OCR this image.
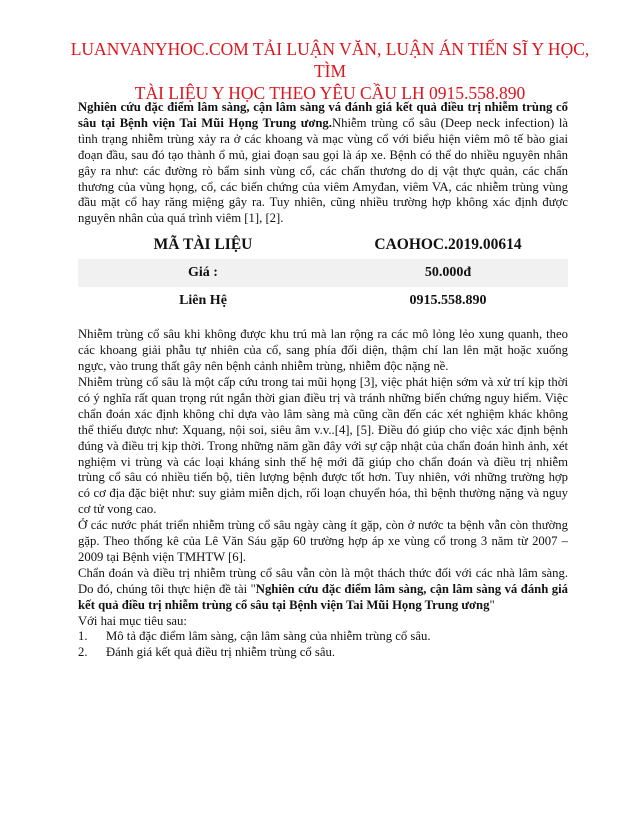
LUANVANYHOC.COM TẢI LUẬN VĂN, LUẬN ÁN TIẾN SĨ Y HỌC, TÌM
TÀI LIỆU Y HỌC THEO YÊU CẦU LH 0915.558.890

Nghiên cứu đặc điểm lâm sàng, cận lâm sàng vá đánh giá kết quả điều trị nhiễm trùng cổ sâu tại Bệnh viện Tai Mũi Họng Trung ương.Nhiễm trùng cổ sâu (Deep neck infection) là tình trạng nhiễm trùng xảy ra ở các khoang và mạc vùng cổ với biểu hiện viêm mô tế bào giai đoạn đầu, sau đó tạo thành ổ mủ, giai đoạn sau gọi là áp xe. Bệnh có thể do nhiều nguyên nhân gây ra như: các đường rò bẩm sinh vùng cổ, các chấn thương do dị vật thực quản, các chấn thương của vùng họng, cổ, các biến chứng của viêm Amyđan, viêm VA, các nhiễm trùng vùng đầu mặt cổ hay răng miệng gây ra. Tuy nhiên, cũng nhiều trường hợp không xác định được nguyên nhân của quá trình viêm [1], [2].

MÃ TÀI LIỆU	CAOHOC.2019.00614
Giá :	50.000đ
Liên Hệ	0915.558.890

Nhiễm trùng cổ sâu khi không được khu trú mà lan rộng ra các mô lỏng lẻo xung quanh, theo các khoang giải phẫu tự nhiên của cổ, sang phía đối diện, thậm chí lan lên mặt hoặc xuống ngực, vào trung thất gây nên bệnh cảnh nhiễm trùng, nhiễm độc nặng nề.

Nhiễm trùng cổ sâu là một cấp cứu trong tai mũi họng [3], việc phát hiện sớm và xử trí kịp thời có ý nghĩa rất quan trọng rút ngắn thời gian điều trị và tránh những biến chứng nguy hiểm. Việc chẩn đoán xác định không chỉ dựa vào lâm sàng mà cũng cần đến các xét nghiệm khác không thể thiếu được như: Xquang, nội soi, siêu âm v.v..[4], [5]. Điều đó giúp cho việc xác định bệnh đúng và điều trị kịp thời. Trong những năm gần đây với sự cập nhật của chẩn đoán hình ảnh, xét nghiệm vi trùng và các loại kháng sinh thế hệ mới đã giúp cho chẩn đoán và điều trị nhiễm trùng cổ sâu có nhiều tiến bộ, tiên lượng bệnh được tốt hơn. Tuy nhiên, với những trường hợp có cơ địa đặc biệt như: suy giảm miễn dịch, rối loạn chuyển hóa, thì bệnh thường nặng và nguy cơ tử vong cao.

Ở các nước phát triển nhiễm trùng cổ sâu ngày càng ít gặp, còn ở nước ta bệnh vẫn còn thường gặp. Theo thống kê của Lê Văn Sáu gặp 60 trường hợp áp xe vùng cổ trong 3 năm từ 2007 – 2009 tại Bệnh viện TMHTW [6].

Chẩn đoán và điều trị nhiễm trùng cổ sâu vẫn còn là một thách thức đối với các nhà lâm sàng. Do đó, chúng tôi thực hiện đề tài "Nghiên cứu đặc điểm lâm sàng, cận lâm sàng vá đánh giá kết quả điều trị nhiễm trùng cổ sâu tại Bệnh viện Tai Mũi Họng Trung ương"

Với hai mục tiêu sau:

1.	Mô tả đặc điểm lâm sàng, cận lâm sàng của nhiễm trùng cổ sâu.
2.	Đánh giá kết quả điều trị nhiễm trùng cổ sâu.
